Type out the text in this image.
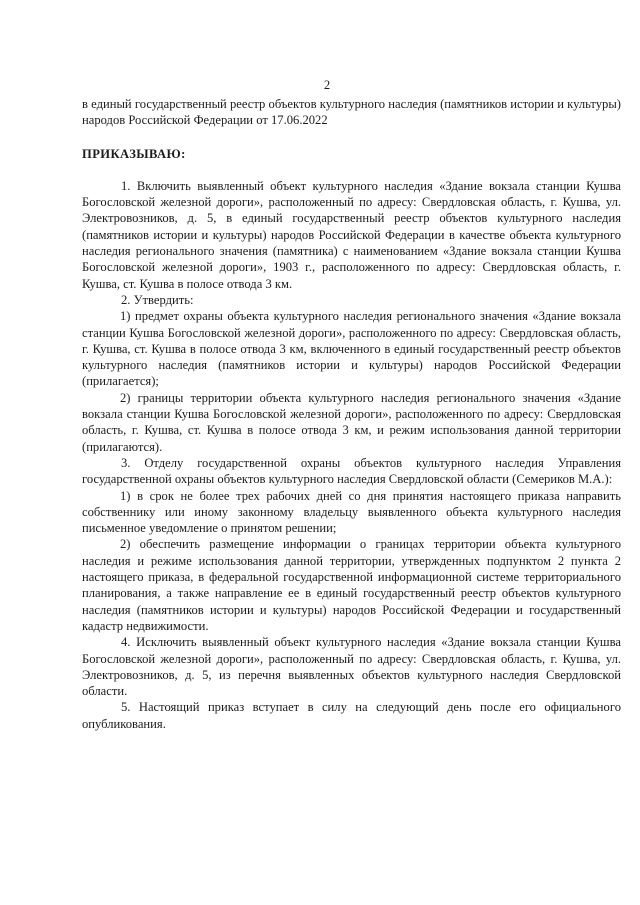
2

в единый государственный реестр объектов культурного наследия (памятников истории и культуры) народов Российской Федерации от 17.06.2022

ПРИКАЗЫВАЮ:

1. Включить выявленный объект культурного наследия «Здание вокзала станции Кушва Богословской железной дороги», расположенный по адресу: Свердловская область, г. Кушва, ул. Электровозников, д. 5, в единый государственный реестр объектов культурного наследия (памятников истории и культуры) народов Российской Федерации в качестве объекта культурного наследия регионального значения (памятника) с наименованием «Здание вокзала станции Кушва Богословской железной дороги», 1903 г., расположенного по адресу: Свердловская область, г. Кушва, ст. Кушва в полосе отвода 3 км.

2. Утвердить:

1) предмет охраны объекта культурного наследия регионального значения «Здание вокзала станции Кушва Богословской железной дороги», расположенного по адресу: Свердловская область, г. Кушва, ст. Кушва в полосе отвода 3 км, включенного в единый государственный реестр объектов культурного наследия (памятников истории и культуры) народов Российской Федерации (прилагается);

2) границы территории объекта культурного наследия регионального значения «Здание вокзала станции Кушва Богословской железной дороги», расположенного по адресу: Свердловская область, г. Кушва, ст. Кушва в полосе отвода 3 км, и режим использования данной территории (прилагаются).

3. Отделу государственной охраны объектов культурного наследия Управления государственной охраны объектов культурного наследия Свердловской области (Семериков М.А.):

1) в срок не более трех рабочих дней со дня принятия настоящего приказа направить собственнику или иному законному владельцу выявленного объекта культурного наследия письменное уведомление о принятом решении;

2) обеспечить размещение информации о границах территории объекта культурного наследия и режиме использования данной территории, утвержденных подпунктом 2 пункта 2 настоящего приказа, в федеральной государственной информационной системе территориального планирования, а также направление ее в единый государственный реестр объектов культурного наследия (памятников истории и культуры) народов Российской Федерации и государственный кадастр недвижимости.

4. Исключить выявленный объект культурного наследия «Здание вокзала станции Кушва Богословской железной дороги», расположенный по адресу: Свердловская область, г. Кушва, ул. Электровозников, д. 5, из перечня выявленных объектов культурного наследия Свердловской области.

5. Настоящий приказ вступает в силу на следующий день после его официального опубликования.
